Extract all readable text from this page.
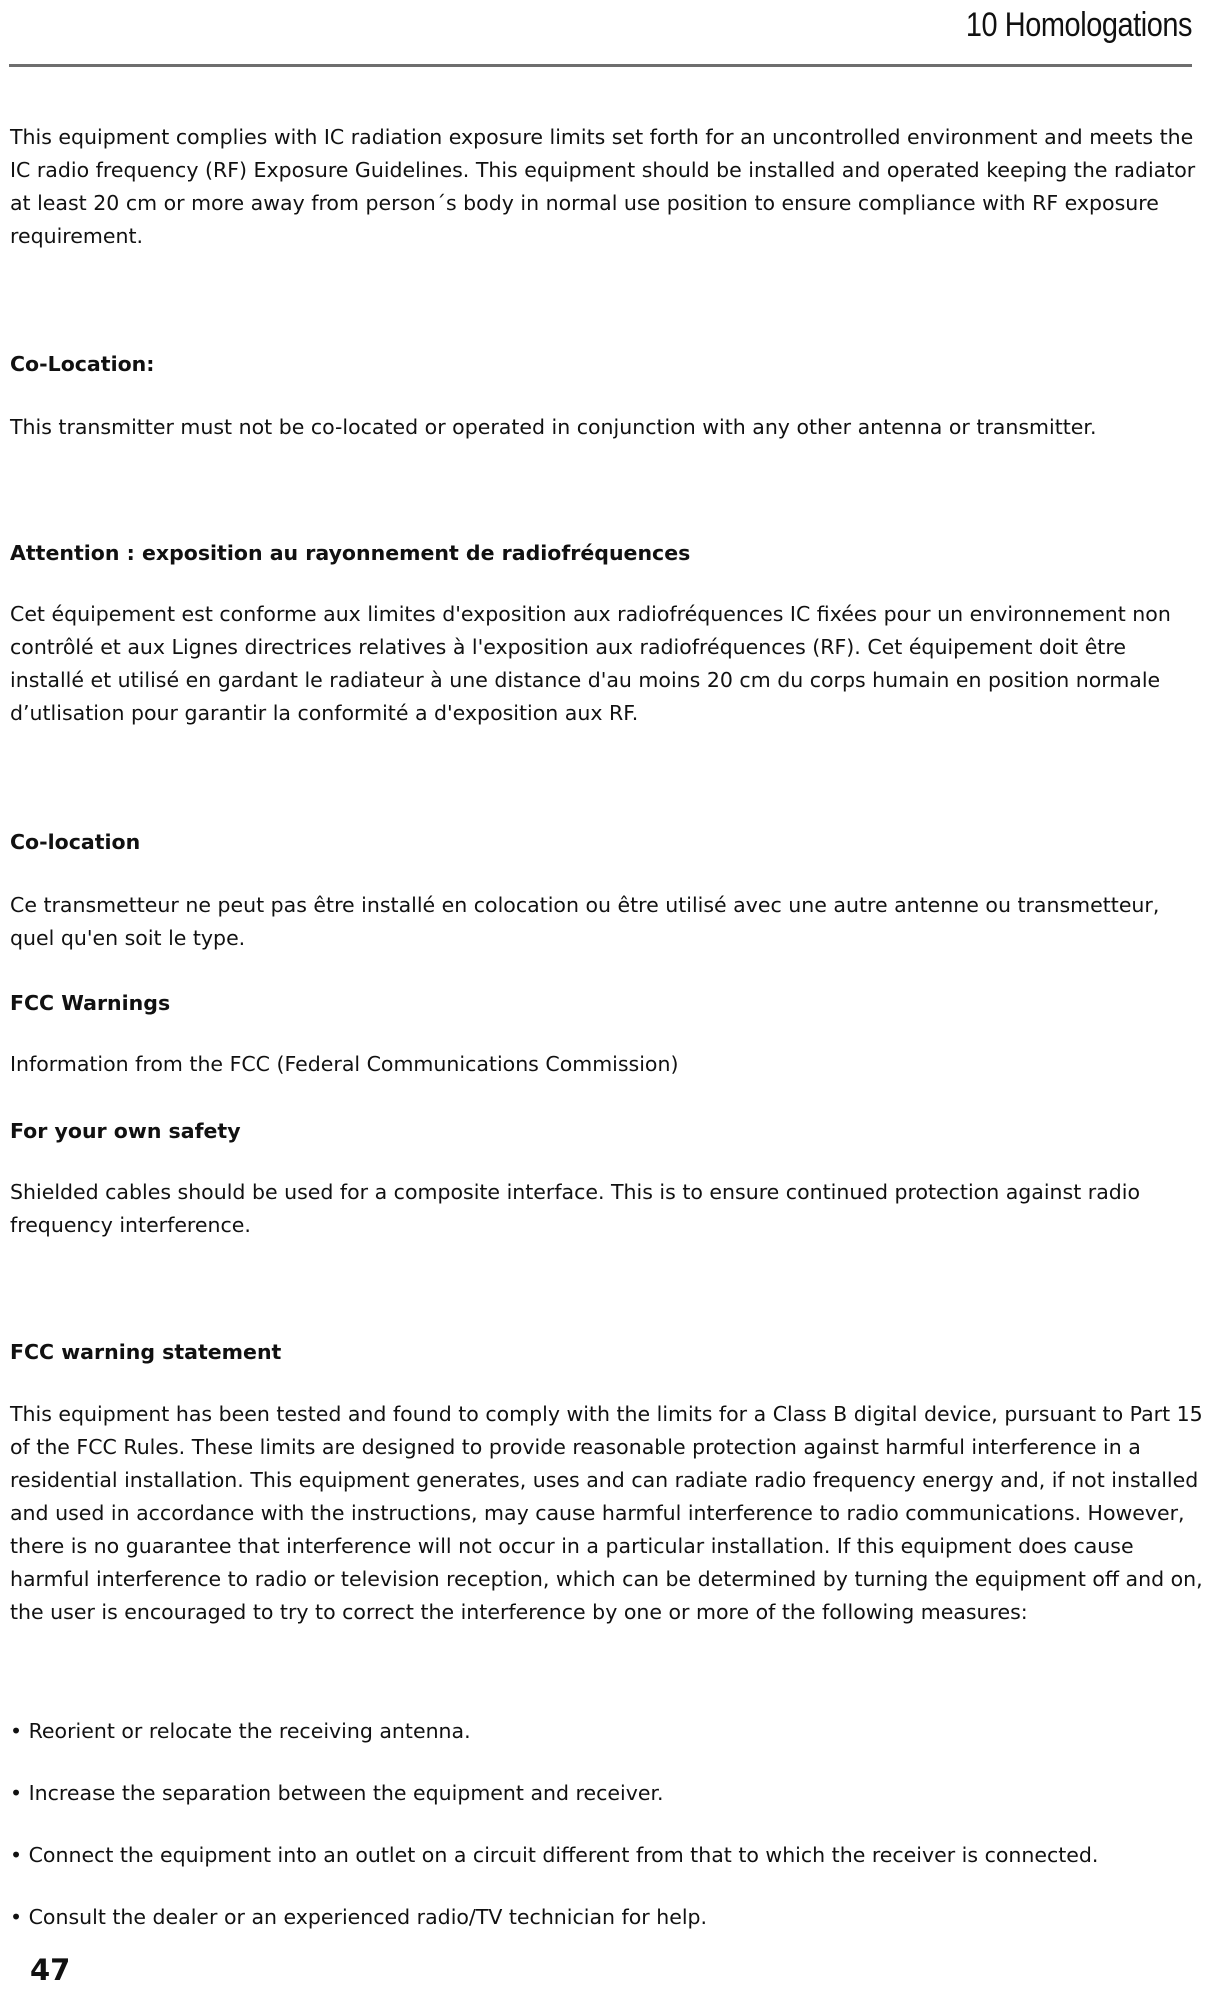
10 Homologations

This equipment complies with IC radiation exposure limits set forth for an uncontrolled environment and meets the IC radio frequency (RF) Exposure Guidelines. This equipment should be installed and operated keeping the radiator at least 20 cm or more away from person´s body in normal use position to ensure compliance with RF exposure requirement.

Co-Location:

This transmitter must not be co-located or operated in conjunction with any other antenna or transmitter.

Attention : exposition au rayonnement de radiofréquences

Cet équipement est conforme aux limites d'exposition aux radiofréquences IC fixées pour un environnement non contrôlé et aux Lignes directrices relatives à l'exposition aux radiofréquences (RF). Cet équipement doit être installé et utilisé en gardant le radiateur à une distance d'au moins 20 cm du corps humain en position normale d’utlisation pour garantir la conformité a d'exposition aux RF.

Co-location

Ce transmetteur ne peut pas être installé en colocation ou être utilisé avec une autre antenne ou transmetteur, quel qu'en soit le type.

FCC Warnings

Information from the FCC (Federal Communications Commission)

For your own safety

Shielded cables should be used for a composite interface. This is to ensure continued protection against radio frequency interference.

FCC warning statement

This equipment has been tested and found to comply with the limits for a Class B digital device, pursuant to Part 15 of the FCC Rules. These limits are designed to provide reasonable protection against harmful interference in a residential installation. This equipment generates, uses and can radiate radio frequency energy and, if not installed and used in accordance with the instructions, may cause harmful interference to radio communications. However, there is no guarantee that interference will not occur in a particular installation. If this equipment does cause harmful interference to radio or television reception, which can be determined by turning the equipment off and on, the user is encouraged to try to correct the interference by one or more of the following measures:

• Reorient or relocate the receiving antenna.

• Increase the separation between the equipment and receiver.

• Connect the equipment into an outlet on a circuit different from that to which the receiver is connected.

• Consult the dealer or an experienced radio/TV technician for help.

47
